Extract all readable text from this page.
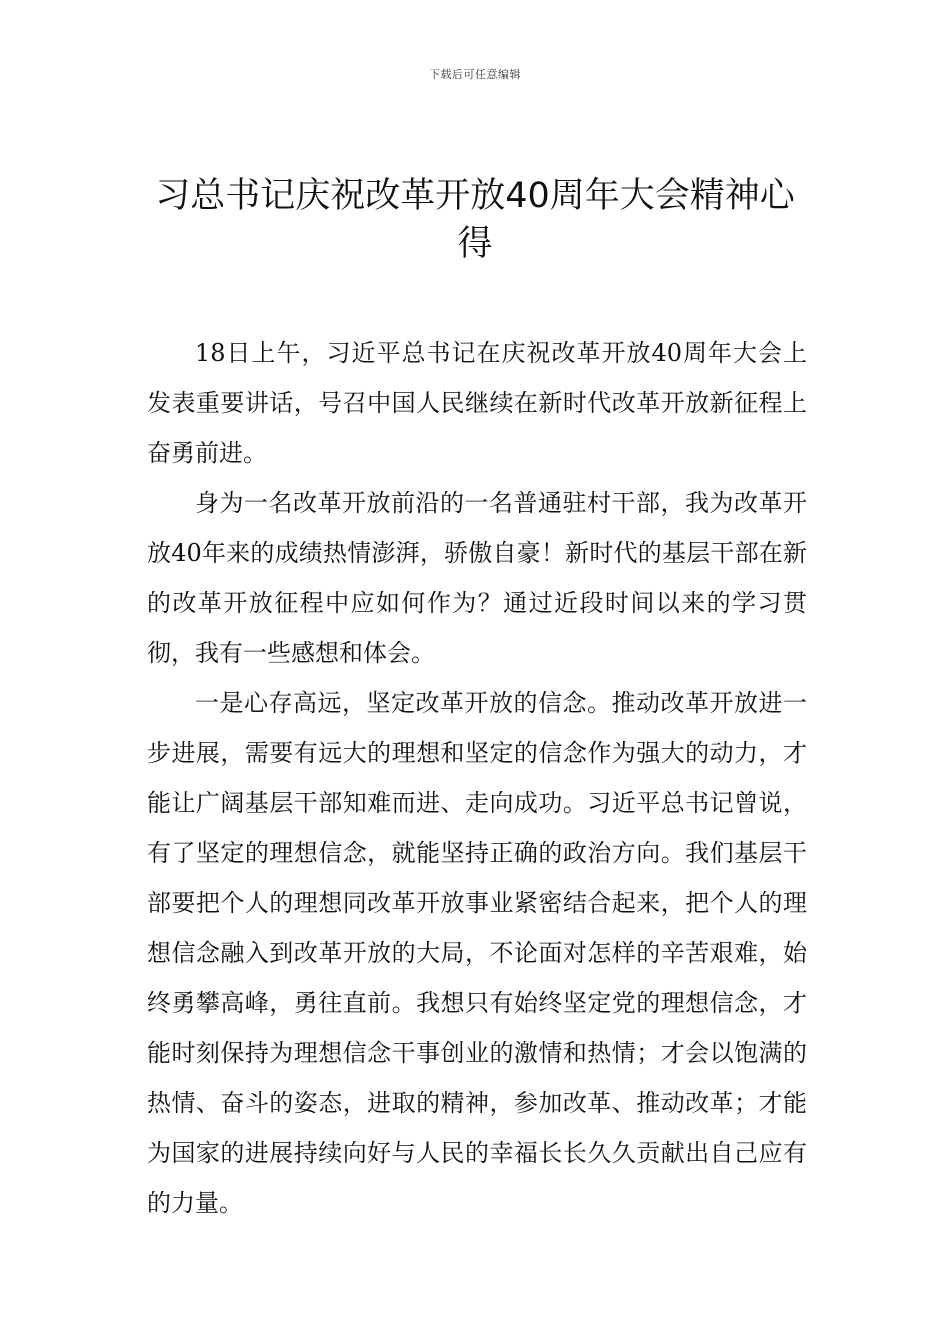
下载后可任意编辑
习总书记庆祝改革开放40周年大会精神心得

18日上午，习近平总书记在庆祝改革开放40周年大会上发表重要讲话，号召中国人民继续在新时代改革开放新征程上奋勇前进。

身为一名改革开放前沿的一名普通驻村干部，我为改革开放40年来的成绩热情澎湃，骄傲自豪！新时代的基层干部在新的改革开放征程中应如何作为？通过近段时间以来的学习贯彻，我有一些感想和体会。

一是心存高远，坚定改革开放的信念。推动改革开放进一步进展，需要有远大的理想和坚定的信念作为强大的动力，才能让广阔基层干部知难而进、走向成功。习近平总书记曾说，有了坚定的理想信念，就能坚持正确的政治方向。我们基层干部要把个人的理想同改革开放事业紧密结合起来，把个人的理想信念融入到改革开放的大局，不论面对怎样的辛苦艰难，始终勇攀高峰，勇往直前。我想只有始终坚定党的理想信念，才能时刻保持为理想信念干事创业的激情和热情；才会以饱满的热情、奋斗的姿态，进取的精神，参加改革、推动改革；才能为国家的进展持续向好与人民的幸福长长久久贡献出自己应有的力量。
